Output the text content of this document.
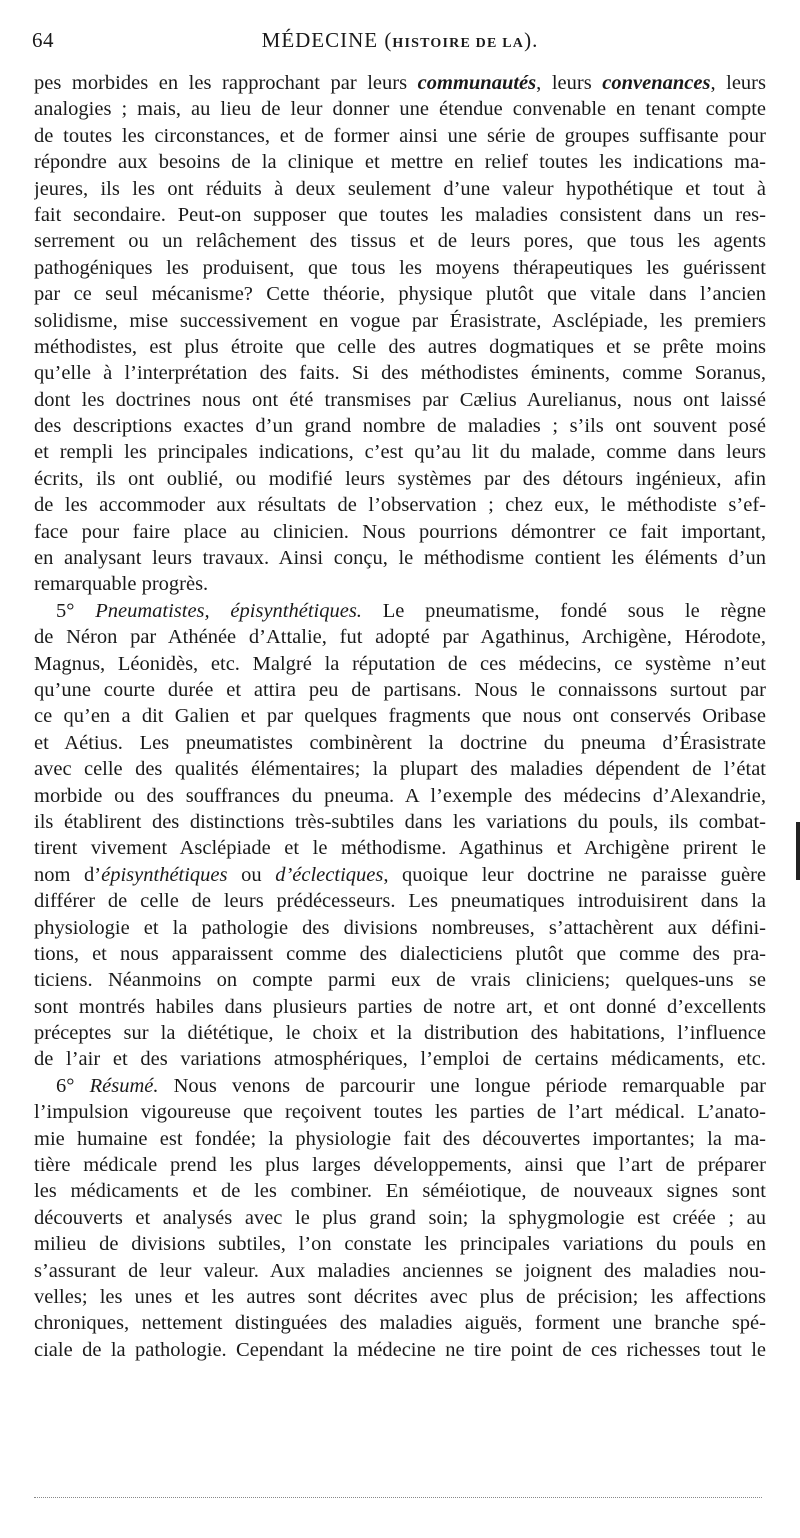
64	MÉDECINE (HISTOIRE DE LA).
pes morbides en les rapprochant par leurs communautés, leurs convenances, leurs
analogies ; mais, au lieu de leur donner une étendue convenable en tenant compte
de toutes les circonstances, et de former ainsi une série de groupes suffisante pour
répondre aux besoins de la clinique et mettre en relief toutes les indications ma-
jeures, ils les ont réduits à deux seulement d’une valeur hypothétique et tout à
fait secondaire. Peut-on supposer que toutes les maladies consistent dans un res-
serrement ou un relâchement des tissus et de leurs pores, que tous les agents
pathogéniques les produisent, que tous les moyens thérapeutiques les guérissent
par ce seul mécanisme? Cette théorie, physique plutôt que vitale dans l’ancien
solidisme, mise successivement en vogue par Érasistrate, Asclépiade, les premiers
méthodistes, est plus étroite que celle des autres dogmatiques et se prête moins
qu’elle à l’interprétation des faits. Si des méthodistes éminents, comme Soranus,
dont les doctrines nous ont été transmises par Cælius Aurelianus, nous ont laissé
des descriptions exactes d’un grand nombre de maladies ; s’ils ont souvent posé
et rempli les principales indications, c’est qu’au lit du malade, comme dans leurs
écrits, ils ont oublié, ou modifié leurs systèmes par des détours ingénieux, afin
de les accommoder aux résultats de l’observation ; chez eux, le méthodiste s’ef-
face pour faire place au clinicien. Nous pourrions démontrer ce fait important,
en analysant leurs travaux. Ainsi conçu, le méthodisme contient les éléments d’un
remarquable progrès.
5° Pneumatistes, épisynthétiques. Le pneumatisme, fondé sous le règne
de Néron par Athénée d’Attalie, fut adopté par Agathinus, Archigène, Hérodote,
Magnus, Léonidès, etc. Malgré la réputation de ces médecins, ce système n’eut
qu’une courte durée et attira peu de partisans. Nous le connaissons surtout par
ce qu’en a dit Galien et par quelques fragments que nous ont conservés Oribase
et Aétius. Les pneumatistes combinèrent la doctrine du pneuma d’Érasistrate
avec celle des qualités élémentaires; la plupart des maladies dépendent de l’état
morbide ou des souffrances du pneuma. A l’exemple des médecins d’Alexandrie,
ils établirent des distinctions très-subtiles dans les variations du pouls, ils combat-
tirent vivement Asclépiade et le méthodisme. Agathinus et Archigène prirent le
nom d’épisynthétiques ou d’éclectiques, quoique leur doctrine ne paraisse guère
différer de celle de leurs prédécesseurs. Les pneumatiques introduisirent dans la
physiologie et la pathologie des divisions nombreuses, s’attachèrent aux défini-
tions, et nous apparaissent comme des dialecticiens plutôt que comme des pra-
ticiens. Néanmoins on compte parmi eux de vrais cliniciens; quelques-uns se
sont montrés habiles dans plusieurs parties de notre art, et ont donné d’excellents
préceptes sur la diététique, le choix et la distribution des habitations, l’influence
de l’air et des variations atmosphériques, l’emploi de certains médicaments, etc.
6° Résumé. Nous venons de parcourir une longue période remarquable par
l’impulsion vigoureuse que reçoivent toutes les parties de l’art médical. L’anato-
mie humaine est fondée; la physiologie fait des découvertes importantes; la ma-
tière médicale prend les plus larges développements, ainsi que l’art de préparer
les médicaments et de les combiner. En séméiotique, de nouveaux signes sont
découverts et analysés avec le plus grand soin; la sphygmologie est créée ; au
milieu de divisions subtiles, l’on constate les principales variations du pouls en
s’assurant de leur valeur. Aux maladies anciennes se joignent des maladies nou-
velles; les unes et les autres sont décrites avec plus de précision; les affections
chroniques, nettement distinguées des maladies aiguës, forment une branche spé-
ciale de la pathologie. Cependant la médecine ne tire point de ces richesses tout le
